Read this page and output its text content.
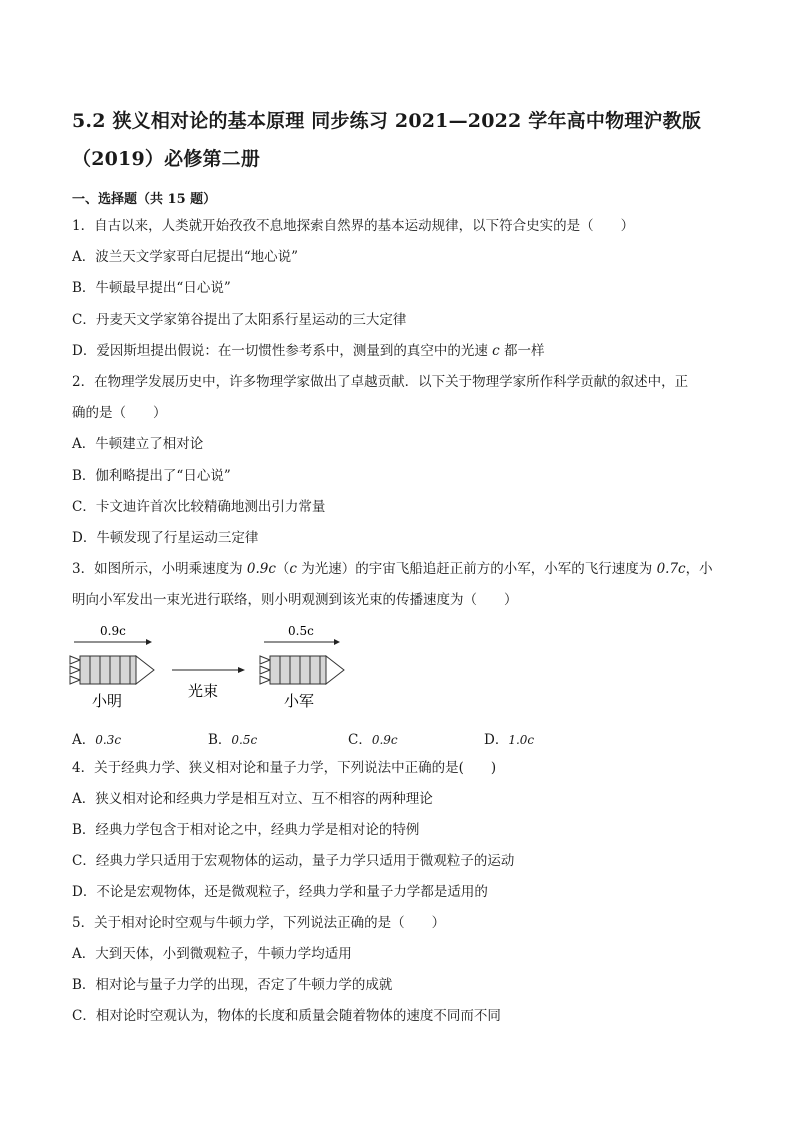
5.2 狭义相对论的基本原理 同步练习 2021—2022 学年高中物理沪教版
（2019）必修第二册
一、选择题（共 15 题）
1．自古以来，人类就开始孜孜不息地探索自然界的基本运动规律，以下符合史实的是（　　）
A．波兰天文学家哥白尼提出“地心说”
B．牛顿最早提出“日心说”
C．丹麦天文学家第谷提出了太阳系行星运动的三大定律
D．爱因斯坦提出假说：在一切惯性参考系中，测量到的真空中的光速 c 都一样
2．在物理学发展历史中，许多物理学家做出了卓越贡献．以下关于物理学家所作科学贡献的叙述中，正
确的是（　　）
A．牛顿建立了相对论
B．伽利略提出了“日心说”
C．卡文迪许首次比较精确地测出引力常量
D．牛顿发现了行星运动三定律
3．如图所示，小明乘速度为 0.9c（c 为光速）的宇宙飞船追赶正前方的小军，小军的飞行速度为 0.7c，小
明向小军发出一束光进行联络，则小明观测到该光束的传播速度为（　　）
0.9c
小明
光束
0.5c
小军
A．0.3c	B．0.5c	C．0.9c	D．1.0c
4．关于经典力学、狭义相对论和量子力学，下列说法中正确的是(　　)
A．狭义相对论和经典力学是相互对立、互不相容的两种理论
B．经典力学包含于相对论之中，经典力学是相对论的特例
C．经典力学只适用于宏观物体的运动，量子力学只适用于微观粒子的运动
D．不论是宏观物体，还是微观粒子，经典力学和量子力学都是适用的
5．关于相对论时空观与牛顿力学，下列说法正确的是（　　）
A．大到天体，小到微观粒子，牛顿力学均适用
B．相对论与量子力学的出现，否定了牛顿力学的成就
C．相对论时空观认为，物体的长度和质量会随着物体的速度不同而不同
